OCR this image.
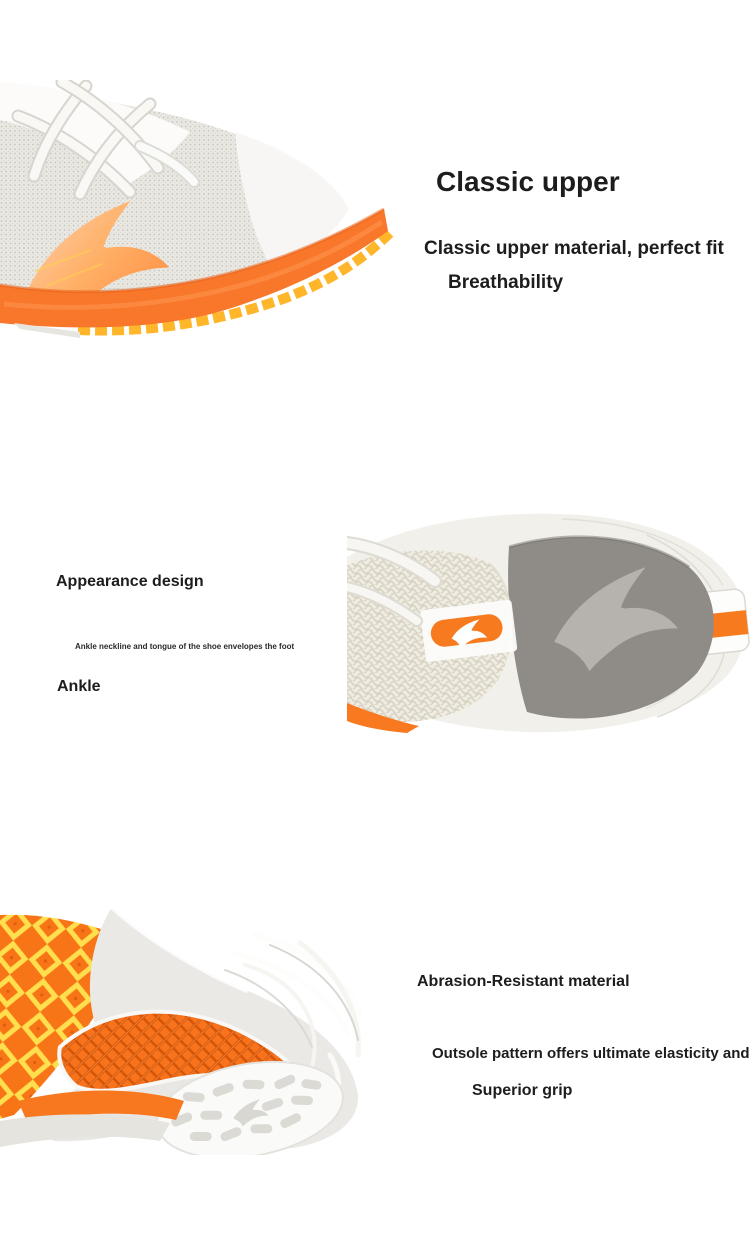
Classic upper
Classic upper material, perfect fit
Breathability
Appearance design
Ankle neckline and tongue of the shoe envelopes the foot
Ankle
Abrasion-Resistant material
Outsole pattern offers ultimate elasticity and
Superior grip
